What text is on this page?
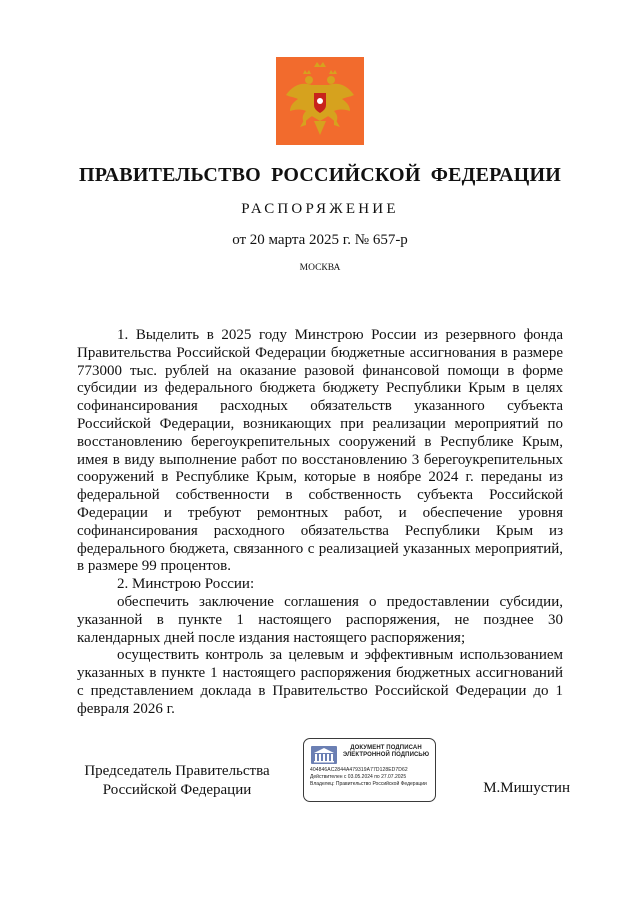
ПРАВИТЕЛЬСТВО РОССИЙСКОЙ ФЕДЕРАЦИИ
РАСПОРЯЖЕНИЕ
от 20 марта 2025 г. № 657-р
МОСКВА

1. Выделить в 2025 году Минстрою России из резервного фонда Правительства Российской Федерации бюджетные ассигнования в размере 773000 тыс. рублей на оказание разовой финансовой помощи в форме субсидии из федерального бюджета бюджету Республики Крым в целях софинансирования расходных обязательств указанного субъекта Российской Федерации, возникающих при реализации мероприятий по восстановлению берегоукрепительных сооружений в Республике Крым, имея в виду выполнение работ по восстановлению 3 берегоукрепительных сооружений в Республике Крым, которые в ноябре 2024 г. переданы из федеральной собственности в собственность субъекта Российской Федерации и требуют ремонтных работ, и обеспечение уровня софинансирования расходного обязательства Республики Крым из федерального бюджета, связанного с реализацией указанных мероприятий, в размере 99 процентов.

2. Минстрою России:

обеспечить заключение соглашения о предоставлении субсидии, указанной в пункте 1 настоящего распоряжения, не позднее 30 календарных дней после издания настоящего распоряжения;

осуществить контроль за целевым и эффективным использованием указанных в пункте 1 настоящего распоряжения бюджетных ассигнований с представлением доклада в Правительство Российской Федерации до 1 февраля 2026 г.

Председатель Правительства
Российской Федерации
ДОКУМЕНТ ПОДПИСАН
ЭЛЕКТРОННОЙ ПОДПИСЬЮ
404846AC2844A479319A77D128ED7D62
Действителен с 03.05.2024 по 27.07.2025
Владелец: Правительство Российской Федерации	М.Мишустин
